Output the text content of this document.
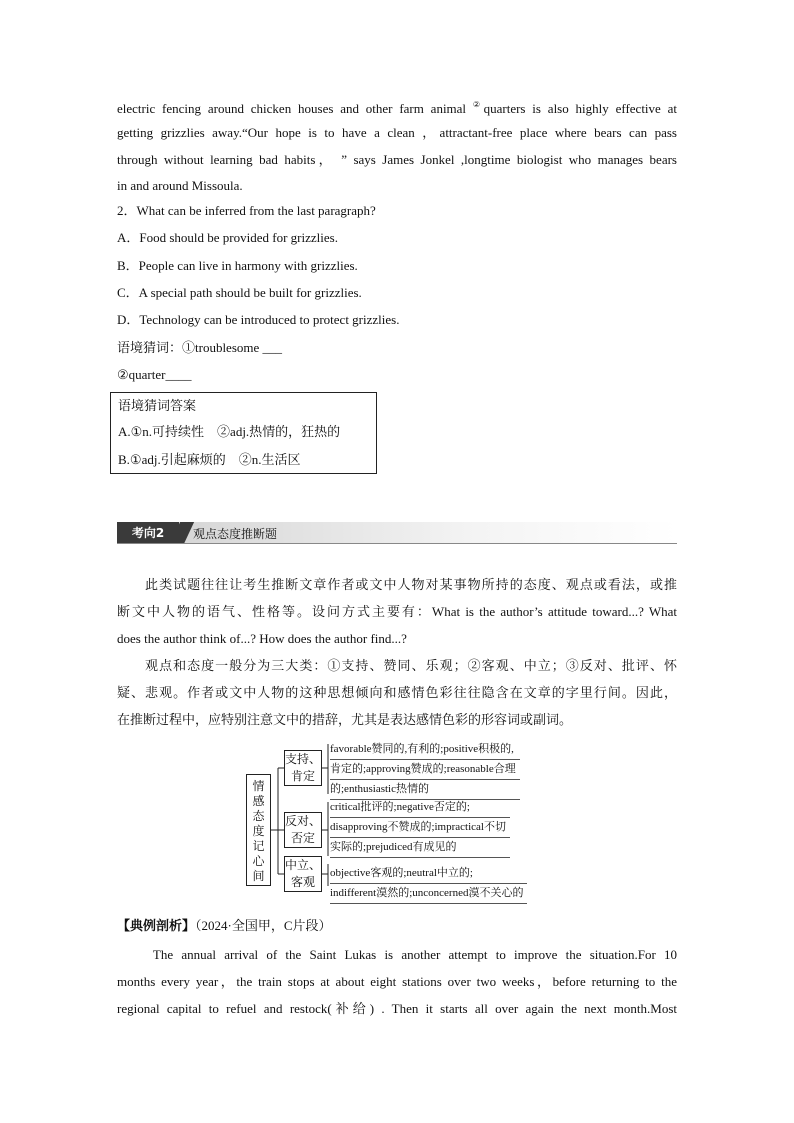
electric fencing around chicken houses and other farm animal ②quarters is also highly effective at
getting grizzlies away.“Our hope is to have a clean ，attractant-free place where bears can pass
through without learning bad habits， ” says James Jonkel ,longtime biologist who manages bears
in and around Missoula.
2．What can be inferred from the last paragraph?
A．Food should be provided for grizzlies.
B．People can live in harmony with grizzlies.
C．A special path should be built for grizzlies.
D．Technology can be introduced to protect grizzlies.
语境猜词：①troublesome ___
②quarter____
语境猜词答案
A.①n.可持续性　②adj.热情的，狂热的
B.①adj.引起麻烦的　②n.生活区
考向2	观点态度推断题
　　此类试题往往让考生推断文章作者或文中人物对某事物所持的态度、观点或看法，或推
断文中人物的语气、性格等。设问方式主要有：What is the author’s attitude toward...? What
does the author think of...? How does the author find...?
　　观点和态度一般分为三大类：①支持、赞同、乐观；②客观、中立；③反对、批评、怀
疑、悲观。作者或文中人物的这种思想倾向和感情色彩往往隐含在文章的字里行间。因此，
在推断过程中，应特别注意文中的措辞，尤其是表达感情色彩的形容词或副词。
情
感
态
度
记
心
间
支持、
肯定
favorable赞同的,有利的;positive积极的,
肯定的;approving赞成的;reasonable合理
的;enthusiastic热情的
反对、
否定
critical批评的;negative否定的;
disapproving不赞成的;impractical不切
实际的;prejudiced有成见的
中立、
客观
objective客观的;neutral中立的;
indifferent漠然的;unconcerned漠不关心的
【典例剖析】（2024·全国甲，C片段）
　　The annual arrival of the Saint Lukas is another attempt to improve the situation.For 10
months every year，the train stops at about eight stations over two weeks，before returning to the
regional capital to refuel and restock(补给) . Then it starts all over again the next month.Most
